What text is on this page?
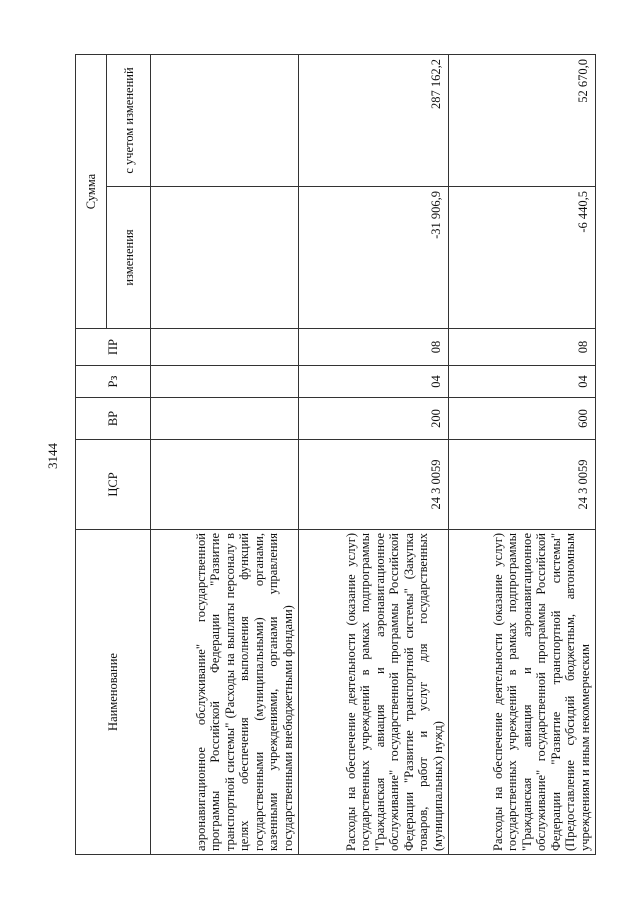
3144
Наименование	ЦСР	ВР	Рз	ПР	Сумма	
					изменения	с учетом изменений
аэронавигационное обслуживание" государственной программы Российской Федерации "Развитие транспортной системы" (Расходы на выплаты персоналу в целях обеспечения выполнения функций государственными (муниципальными) органами, казенными учреждениями, органами управления государственными внебюджетными фондами)						
Расходы на обеспечение деятельности (оказание услуг) государственных учреждений в рамках подпрограммы "Гражданская авиация и аэронавигационное обслуживание" государственной программы Российской Федерации "Развитие транспортной системы" (Закупка товаров, работ и услуг для государственных (муниципальных) нужд)	24 3 0059	200	04	08	-31 906,9	287 162,2
Расходы на обеспечение деятельности (оказание услуг) государственных учреждений в рамках подпрограммы "Гражданская авиация и аэронавигационное обслуживание" государственной программы Российской Федерации "Развитие транспортной системы" (Предоставление субсидий бюджетным, автономным учреждениям и иным некоммерческим	24 3 0059	600	04	08	-6 440,5	52 670,0
